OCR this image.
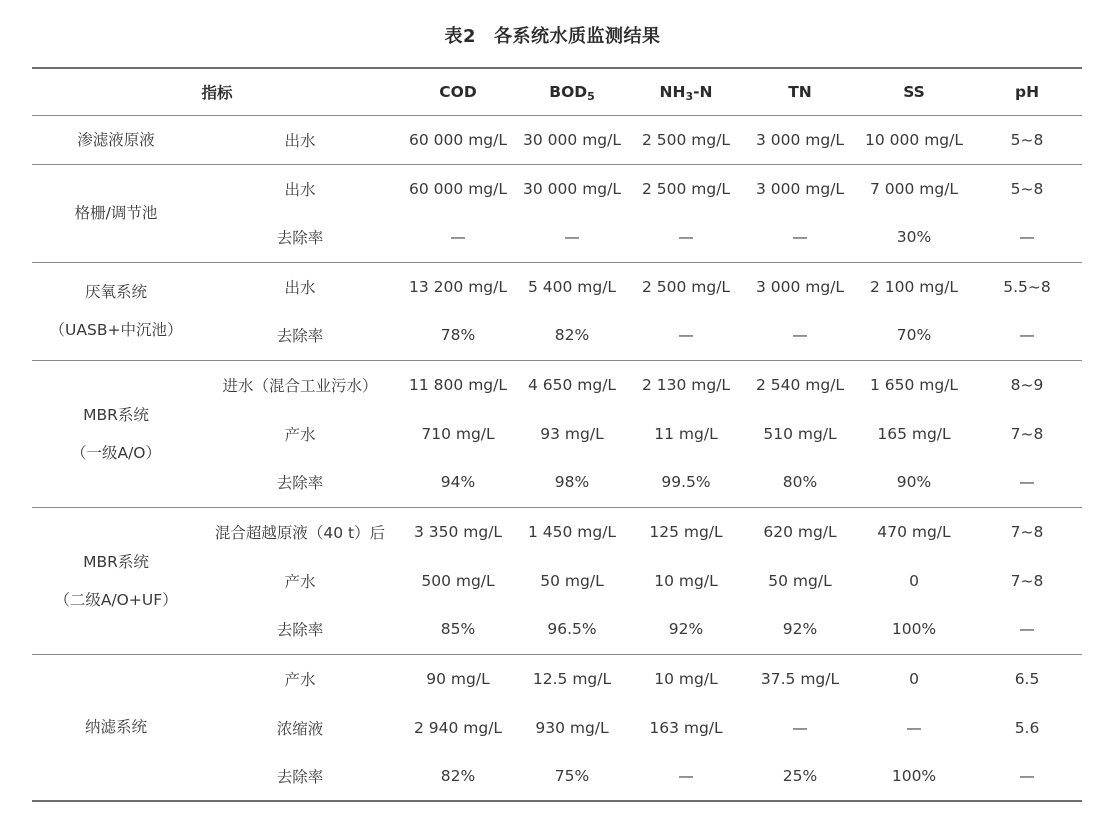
表2 各系统水质监测结果
指标		COD	$BOD_5$	$NH_3-N$	TN	SS	pH

渗滤液原液	出水	60 000 mg/L	30 000 mg/L	2 500 mg/L	3 000 mg/L	10 000 mg/L	5~8

格栅/调节池	出水	60 000 mg/L	30 000 mg/L	2 500 mg/L	3 000 mg/L	7 000 mg/L	5~8
	去除率	—	—	—	—	30%	—

厌氧系统
（UASB+中沉池）	出水	13 200 mg/L	5 400 mg/L	2 500 mg/L	3 000 mg/L	2 100 mg/L	5.5~8
	去除率	78%	82%	—	—	70%	—

MBR系统
（一级A/O）	进水（混合工业污水）	11 800 mg/L	4 650 mg/L	2 130 mg/L	2 540 mg/L	1 650 mg/L	8~9
	产水	710 mg/L	93 mg/L	11 mg/L	510 mg/L	165 mg/L	7~8
	去除率	94%	98%	99.5%	80%	90%	—

MBR系统
（二级A/O+UF）	混合超越原液（40 t）后	3 350 mg/L	1 450 mg/L	125 mg/L	620 mg/L	470 mg/L	7~8
	产水	500 mg/L	50 mg/L	10 mg/L	50 mg/L	0	7~8
	去除率	85%	96.5%	92%	92%	100%	—

纳滤系统	产水	90 mg/L	12.5 mg/L	10 mg/L	37.5 mg/L	0	6.5
	浓缩液	2 940 mg/L	930 mg/L	163 mg/L	—	—	5.6
	去除率	82%	75%	—	25%	100%	—
